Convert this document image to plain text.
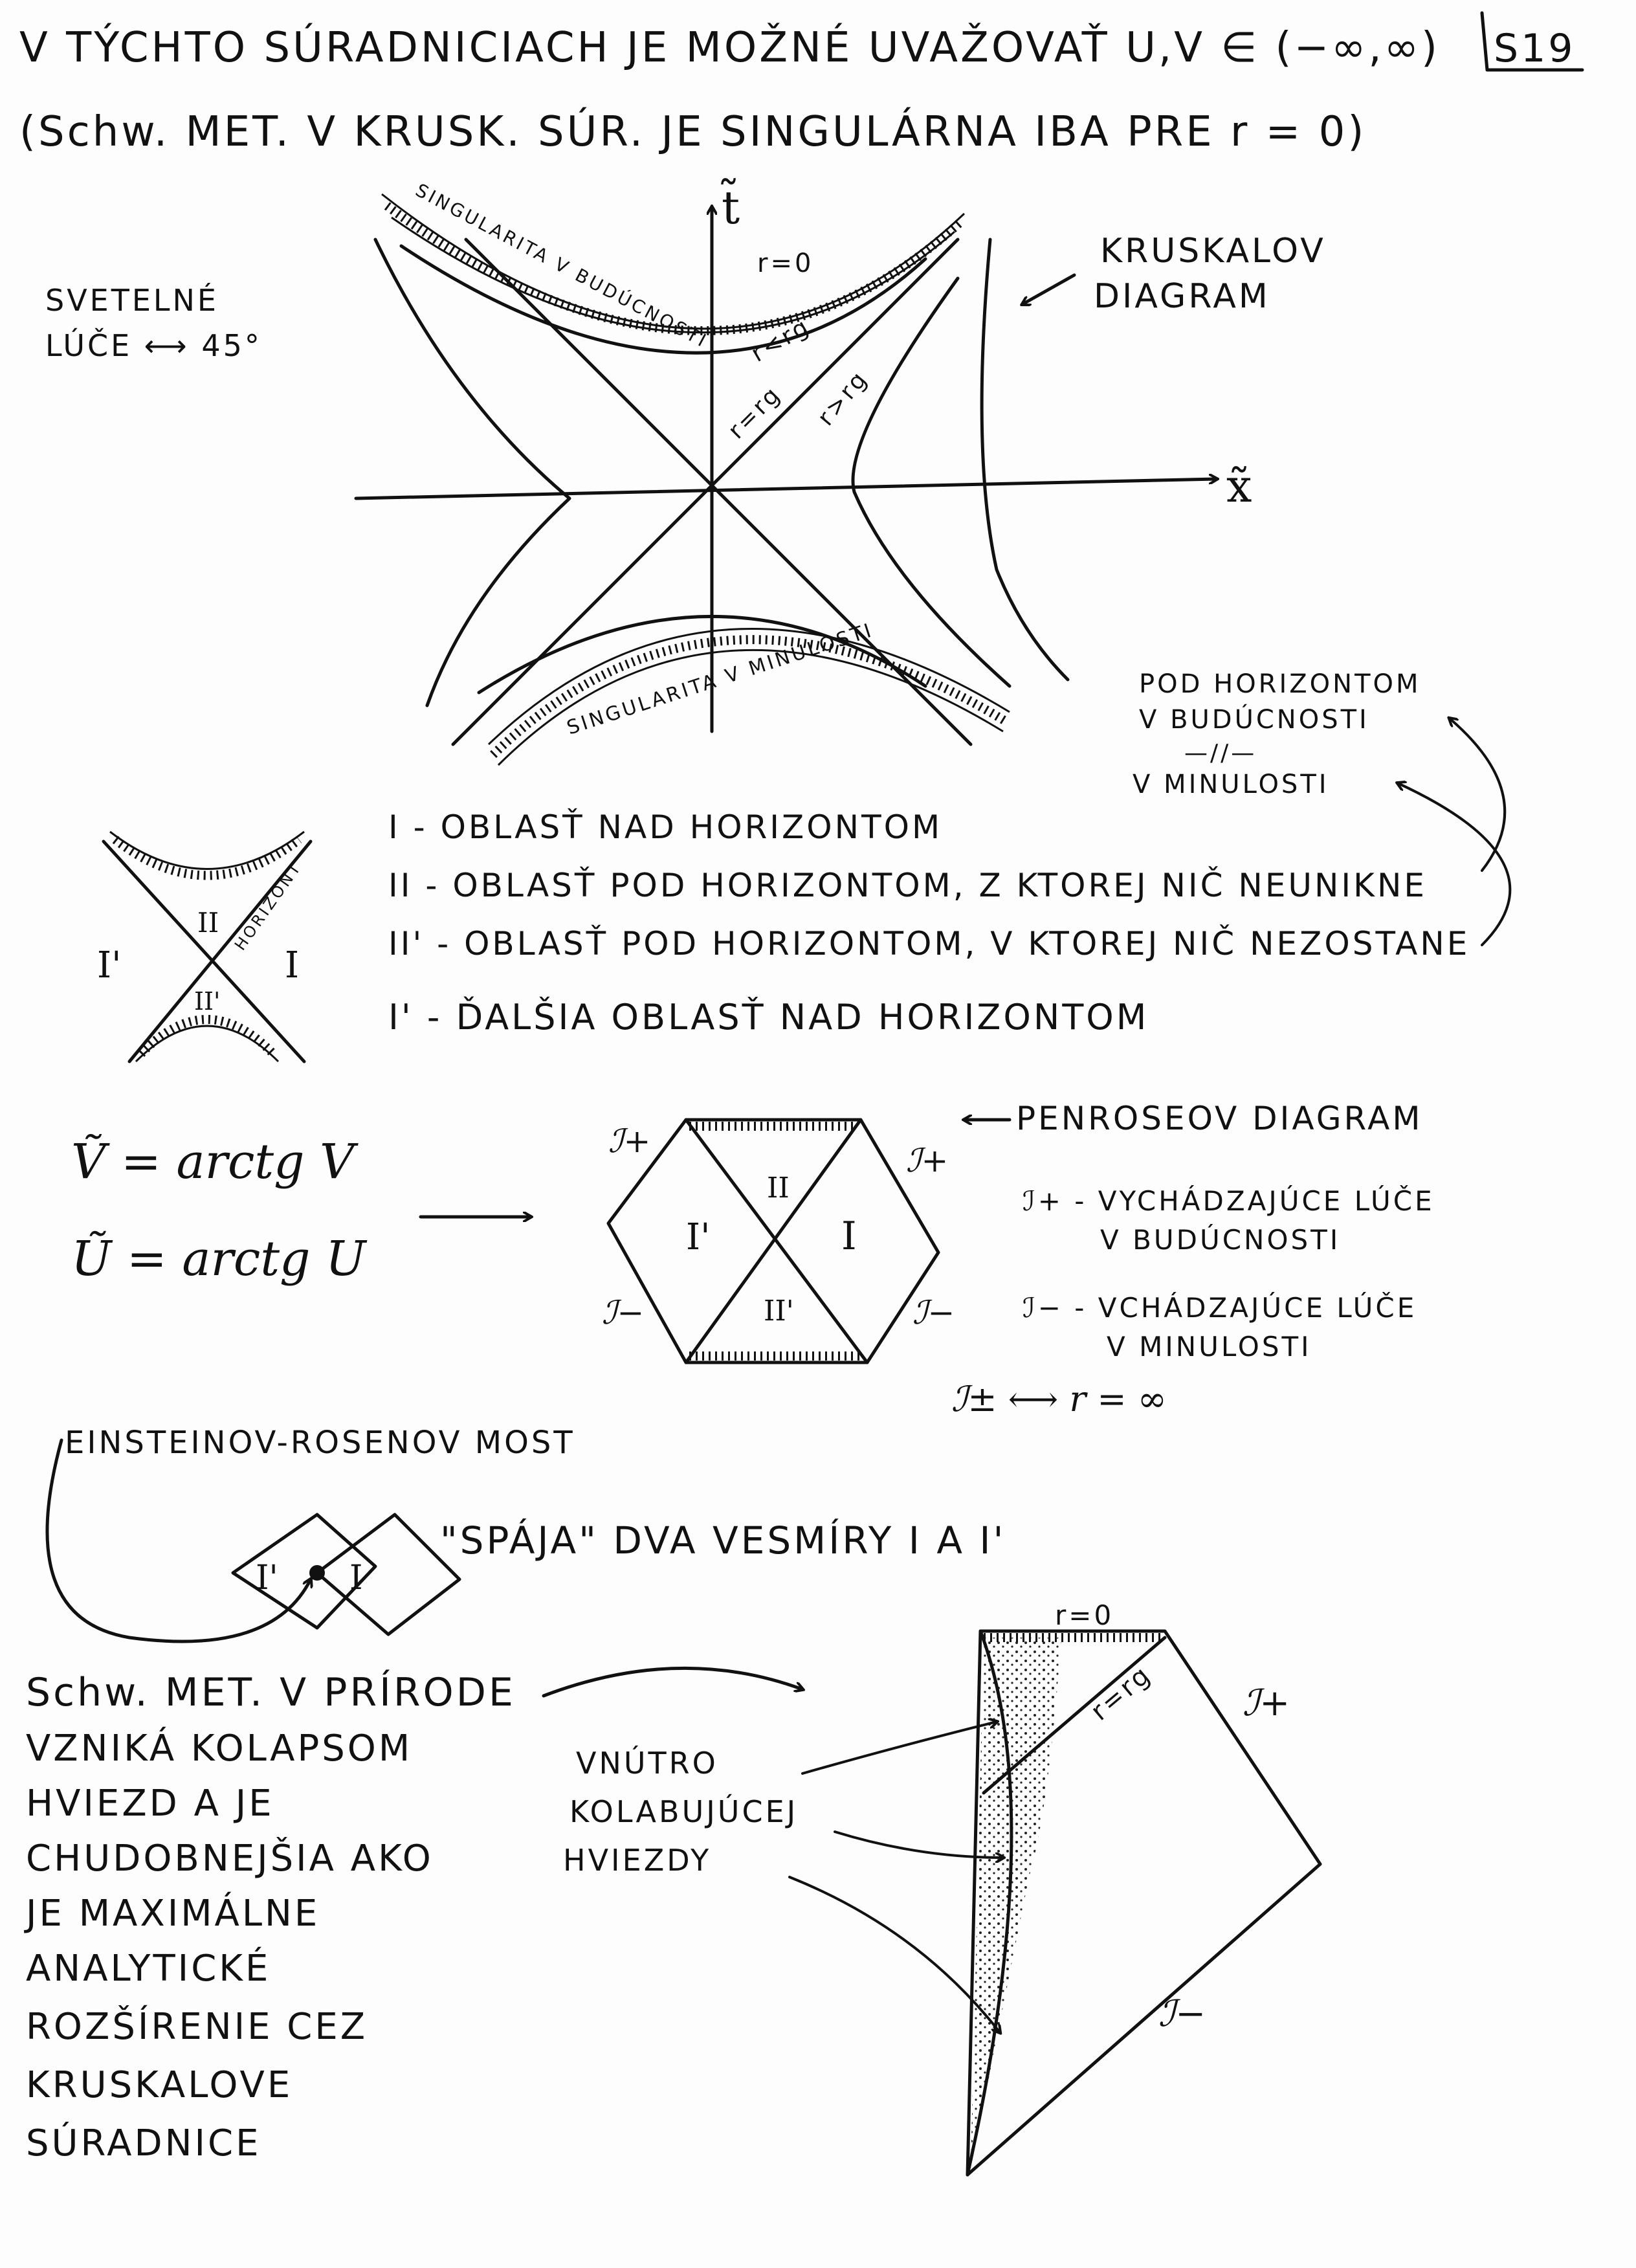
V TÝCHTO SÚRADNICIACH JE MOŽNÉ UVAŽOVAŤ U,V ∈ (−∞,∞)
(Schw. MET. V KRUSK. SÚR. JE SINGULÁRNA IBA PRE r = 0)
S19
SVETELNÉ
LÚČE ⟷ 45°
t̃
x̃
SINGULARITA V BUDÚCNOSTI
SINGULARITA V MINULOSTI
r=0
r<rg
r=rg r>rg
KRUSKALOV
DIAGRAM
I'
II
I
II'
HORIZONT
I - OBLASŤ NAD HORIZONTOM
II - OBLASŤ POD HORIZONTOM, Z KTOREJ NIČ NEUNIKNE
II' - OBLASŤ POD HORIZONTOM, V KTOREJ NIČ NEZOSTANE
I' - ĎALŠIA OBLASŤ NAD HORIZONTOM
POD HORIZONTOM
V BUDÚCNOSTI
—//—
V MINULOSTI
Ṽ = arctg V
Ũ = arctg U
II
I'	I
II'
ℐ+
ℐ+
ℐ−	ℐ−
PENROSEOV DIAGRAM
ℐ+ - VYCHÁDZAJÚCE LÚČE
V BUDÚCNOSTI
ℐ− - VCHÁDZAJÚCE LÚČE
V MINULOSTI
ℐ± ⟷ r = ∞
EINSTEINOV-ROSENOV MOST
I' I
"SPÁJA" DVA VESMÍRY I A I'
Schw. MET. V PRÍRODE
VZNIKÁ KOLAPSOM
HVIEZD A JE
CHUDOBNEJŠIA AKO
JE MAXIMÁLNE
ANALYTICKÉ
ROZŠÍRENIE CEZ
KRUSKALOVE
SÚRADNICE
r=0
r=rg ℐ+
ℐ−
VNÚTRO
KOLABUJÚCEJ
HVIEZDY
